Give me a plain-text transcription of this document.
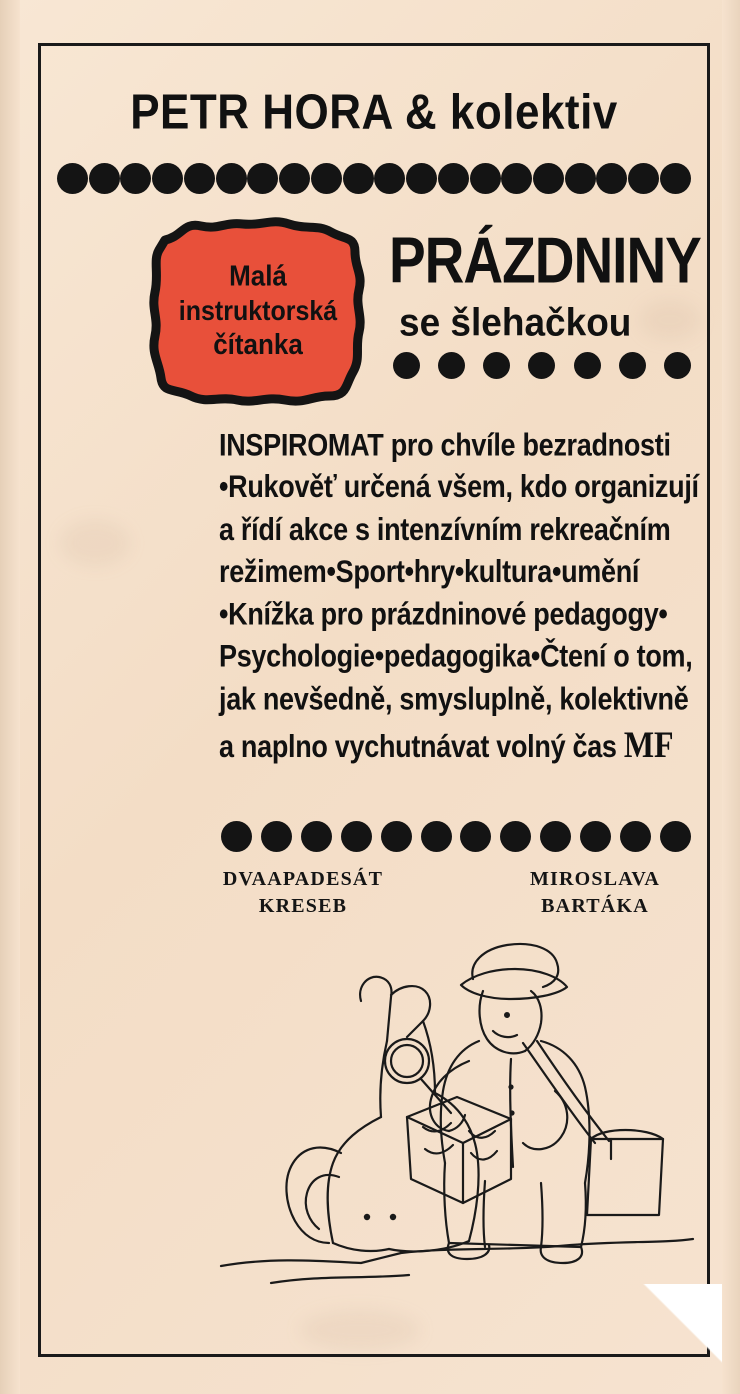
PETR HORA & kolektiv
Malá
instruktorská
čítanka
PRÁZDNINY
se šlehačkou
INSPIROMAT pro chvíle bezradnosti
•Rukověť určená všem, kdo organizují
a řídí akce s intenzívním rekreačním
režimem•Sport•hry•kultura•umění
•Knížka pro prázdninové pedagogy•
Psychologie•pedagogika•Čtení o tom,
jak nevšedně, smysluplně, kolektivně
a naplno vychutnávat volný čas MF
DVAAPADESÁT
KRESEB
MIROSLAVA
BARTÁKA
